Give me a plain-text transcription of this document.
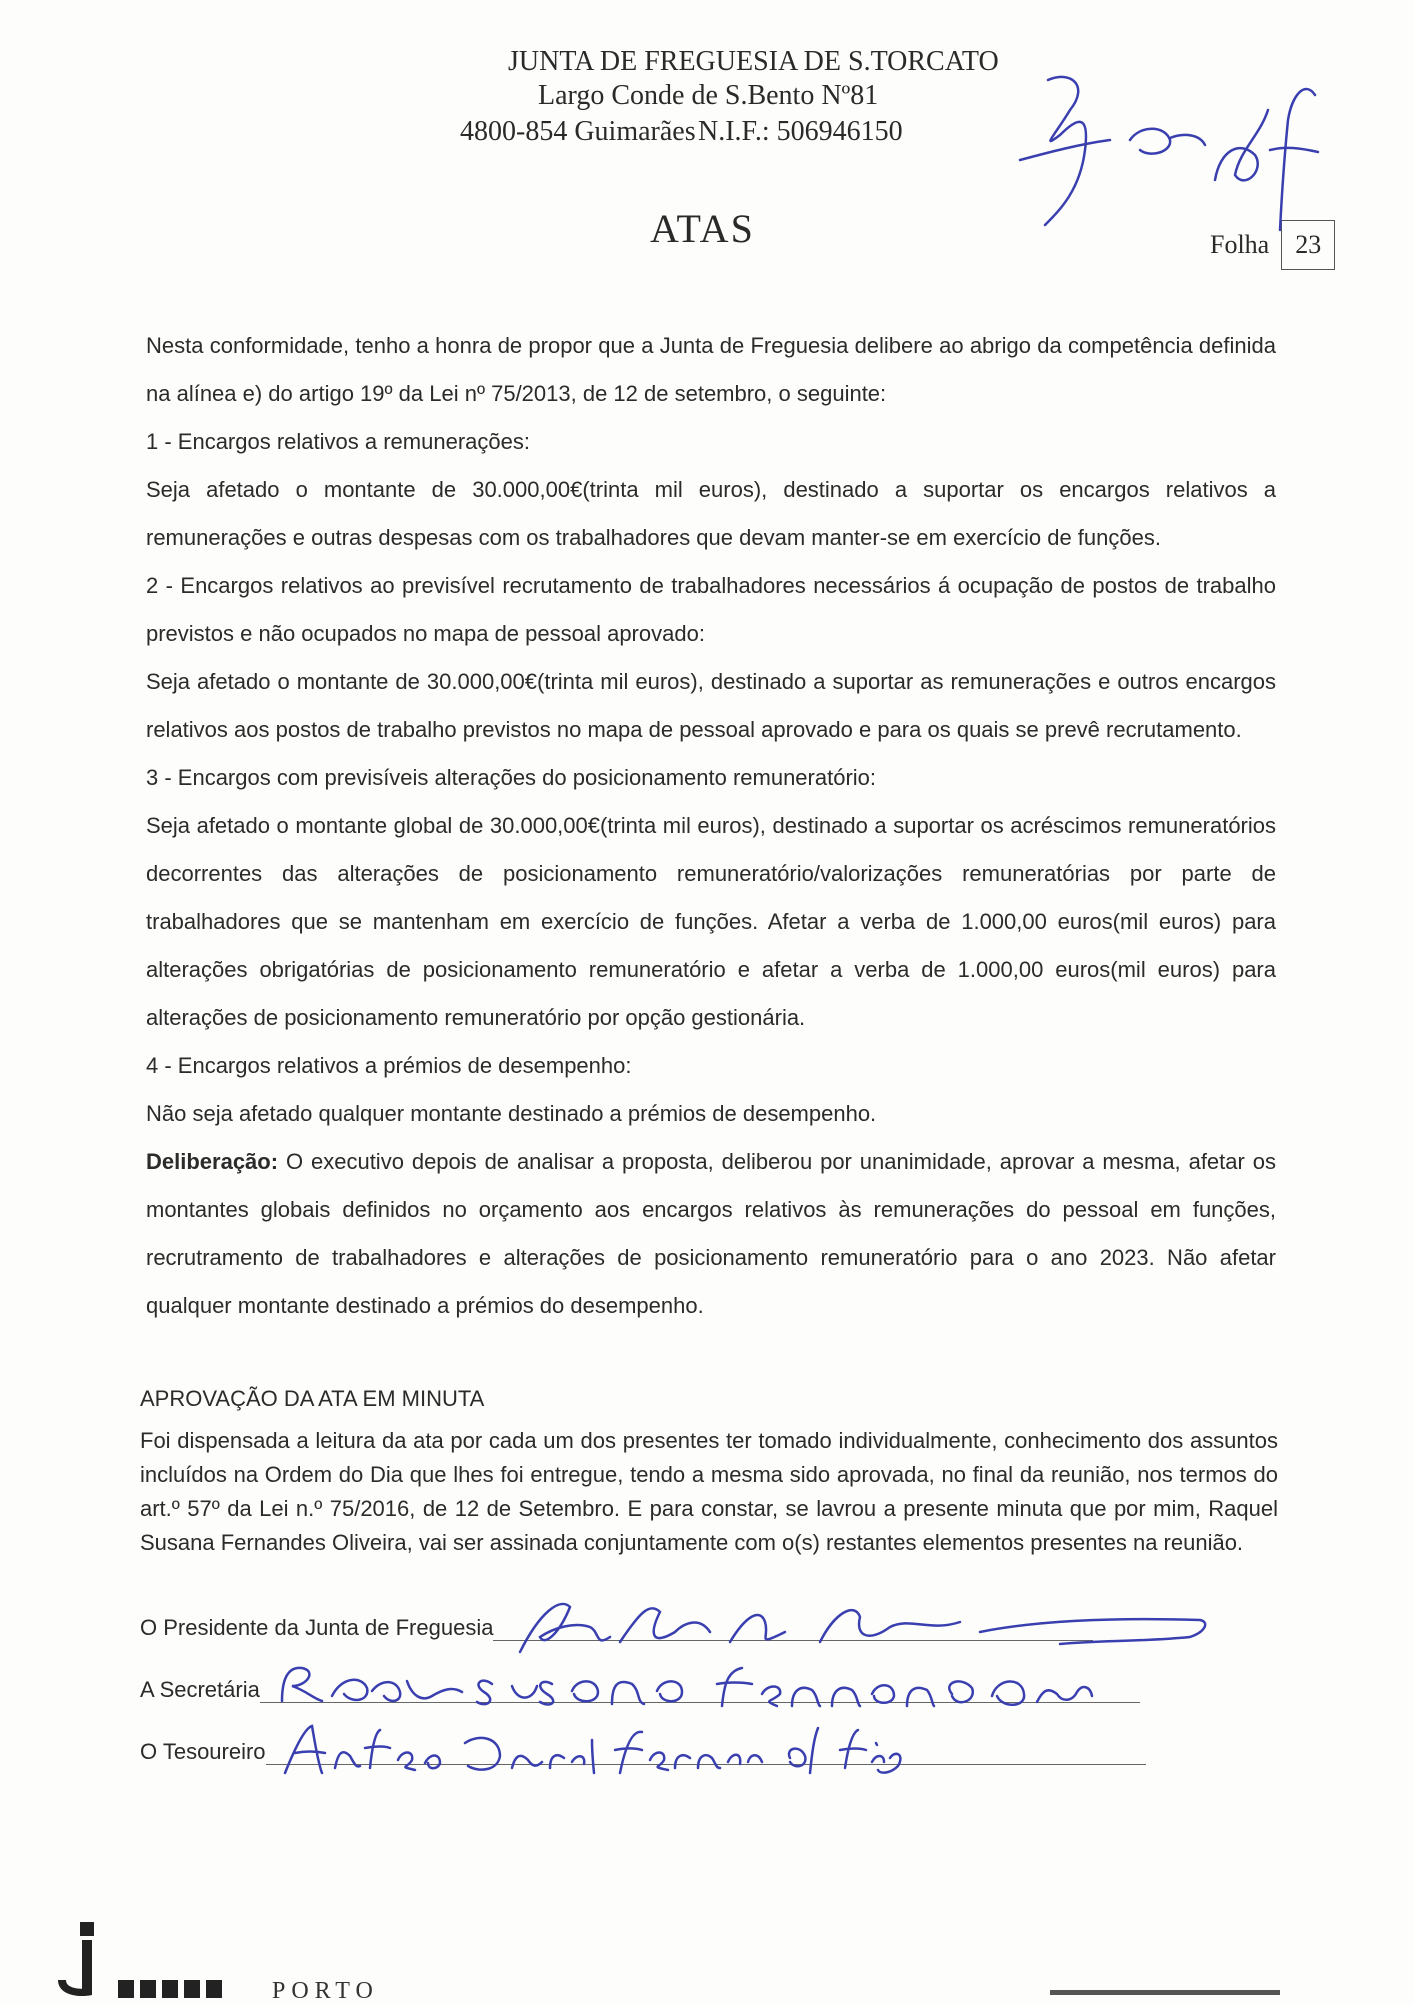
JUNTA DE FREGUESIA DE S.TORCATO
Largo Conde de S.Bento Nº81
4800-854 Guimarães N.I.F.: 506946150
ATAS	Folha	23

Nesta conformidade, tenho a honra de propor que a Junta de Freguesia delibere ao abrigo da competência definida na alínea e) do artigo 19º da Lei nº 75/2013, de 12 de setembro, o seguinte:

1 - Encargos relativos a remunerações:

Seja afetado o montante de 30.000,00€(trinta mil euros), destinado a suportar os encargos relativos a remunerações e outras despesas com os trabalhadores que devam manter-se em exercício de funções.

2 - Encargos relativos ao previsível recrutamento de trabalhadores necessários á ocupação de postos de trabalho previstos e não ocupados no mapa de pessoal aprovado:

Seja afetado o montante de 30.000,00€(trinta mil euros), destinado a suportar as remunerações e outros encargos relativos aos postos de trabalho previstos no mapa de pessoal aprovado e para os quais se prevê recrutamento.

3 - Encargos com previsíveis alterações do posicionamento remuneratório:

Seja afetado o montante global de 30.000,00€(trinta mil euros), destinado a suportar os acréscimos remuneratórios decorrentes das alterações de posicionamento remuneratório/valorizações remuneratórias por parte de trabalhadores que se mantenham em exercício de funções. Afetar a verba de 1.000,00 euros(mil euros) para alterações obrigatórias de posicionamento remuneratório e afetar a verba de 1.000,00 euros(mil euros) para alterações de posicionamento remuneratório por opção gestionária.

4 - Encargos relativos a prémios de desempenho:

Não seja afetado qualquer montante destinado a prémios de desempenho.

Deliberação: O executivo depois de analisar a proposta, deliberou por unanimidade, aprovar a mesma, afetar os montantes globais definidos no orçamento aos encargos relativos às remunerações do pessoal em funções, recrutramento de trabalhadores e alterações de posicionamento remuneratório para o ano 2023. Não afetar qualquer montante destinado a prémios do desempenho.

APROVAÇÃO DA ATA EM MINUTA

Foi dispensada a leitura da ata por cada um dos presentes ter tomado individualmente, conhecimento dos assuntos incluídos na Ordem do Dia que lhes foi entregue, tendo a mesma sido aprovada, no final da reunião, nos termos do art.º 57º da Lei n.º 75/2016, de 12 de Setembro. E para constar, se lavrou a presente minuta que por mim, Raquel Susana Fernandes Oliveira, vai ser assinada conjuntamente com o(s) restantes elementos presentes na reunião.

O Presidente da Junta de Freguesia
A Secretária
O Tesoureiro
PORTO
